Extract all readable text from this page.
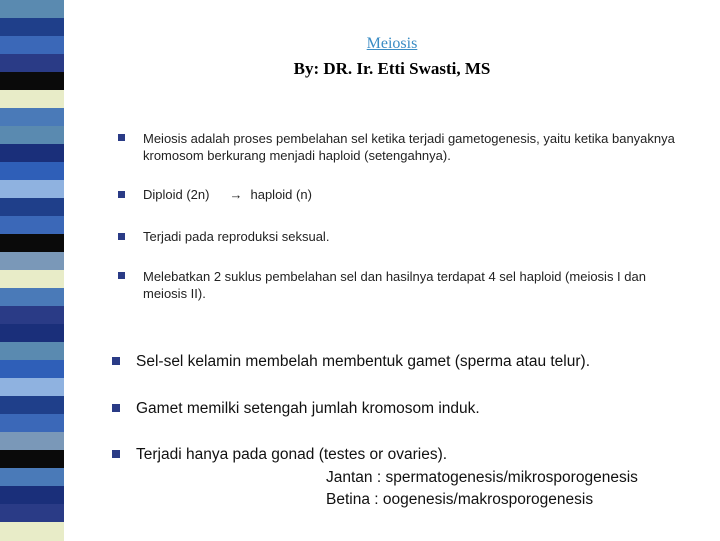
Meiosis
By: DR. Ir. Etti Swasti, MS
Meiosis adalah proses pembelahan sel ketika terjadi gametogenesis, yaitu ketika banyaknya kromosom berkurang menjadi haploid (setengahnya).
Diploid (2n) → haploid (n)
Terjadi pada reproduksi seksual.
Melebatkan 2 suklus pembelahan sel dan hasilnya terdapat 4 sel haploid (meiosis I dan meiosis II).
Sel-sel kelamin membelah membentuk gamet (sperma atau telur).
Gamet memilki setengah jumlah kromosom induk.
Terjadi hanya pada gonad (testes or ovaries).
Jantan : spermatogenesis/mikrosporogenesis
Betina : oogenesis/makrosporogenesis
